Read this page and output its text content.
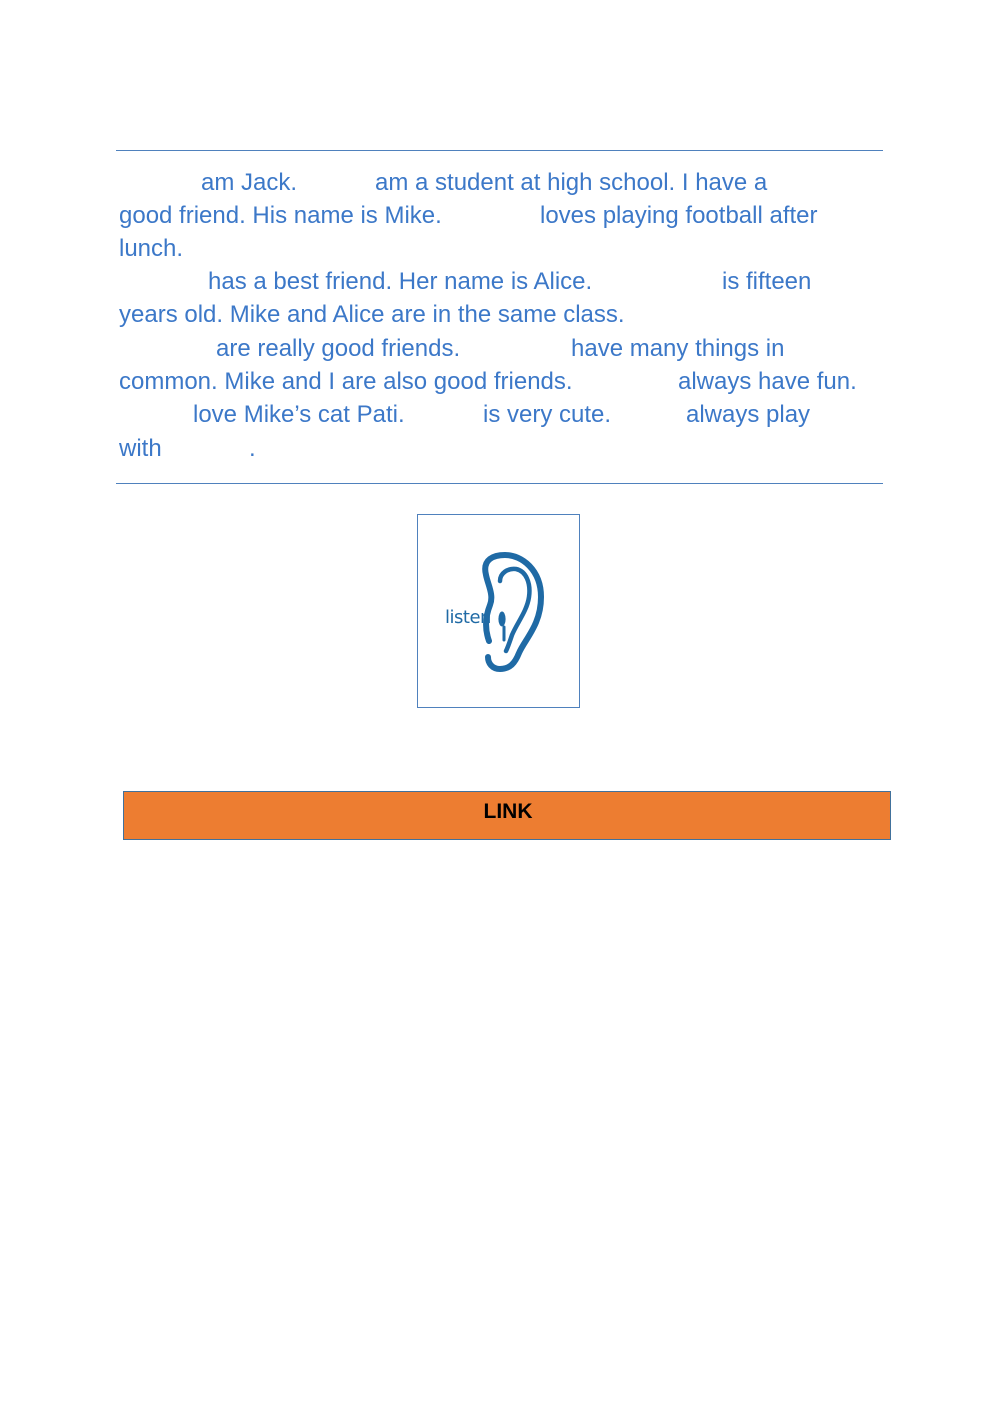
am Jack.	am a student at high school. I have a
good friend. His name is Mike.	loves playing football after
lunch.
has a best friend. Her name is Alice.	is fifteen
years old. Mike and Alice are in the same class.
are really good friends.	have many things in
common. Mike and I are also good friends.	always have fun.
love Mike’s cat Pati.	is very cute.	always play
with	.
listen
LINK
